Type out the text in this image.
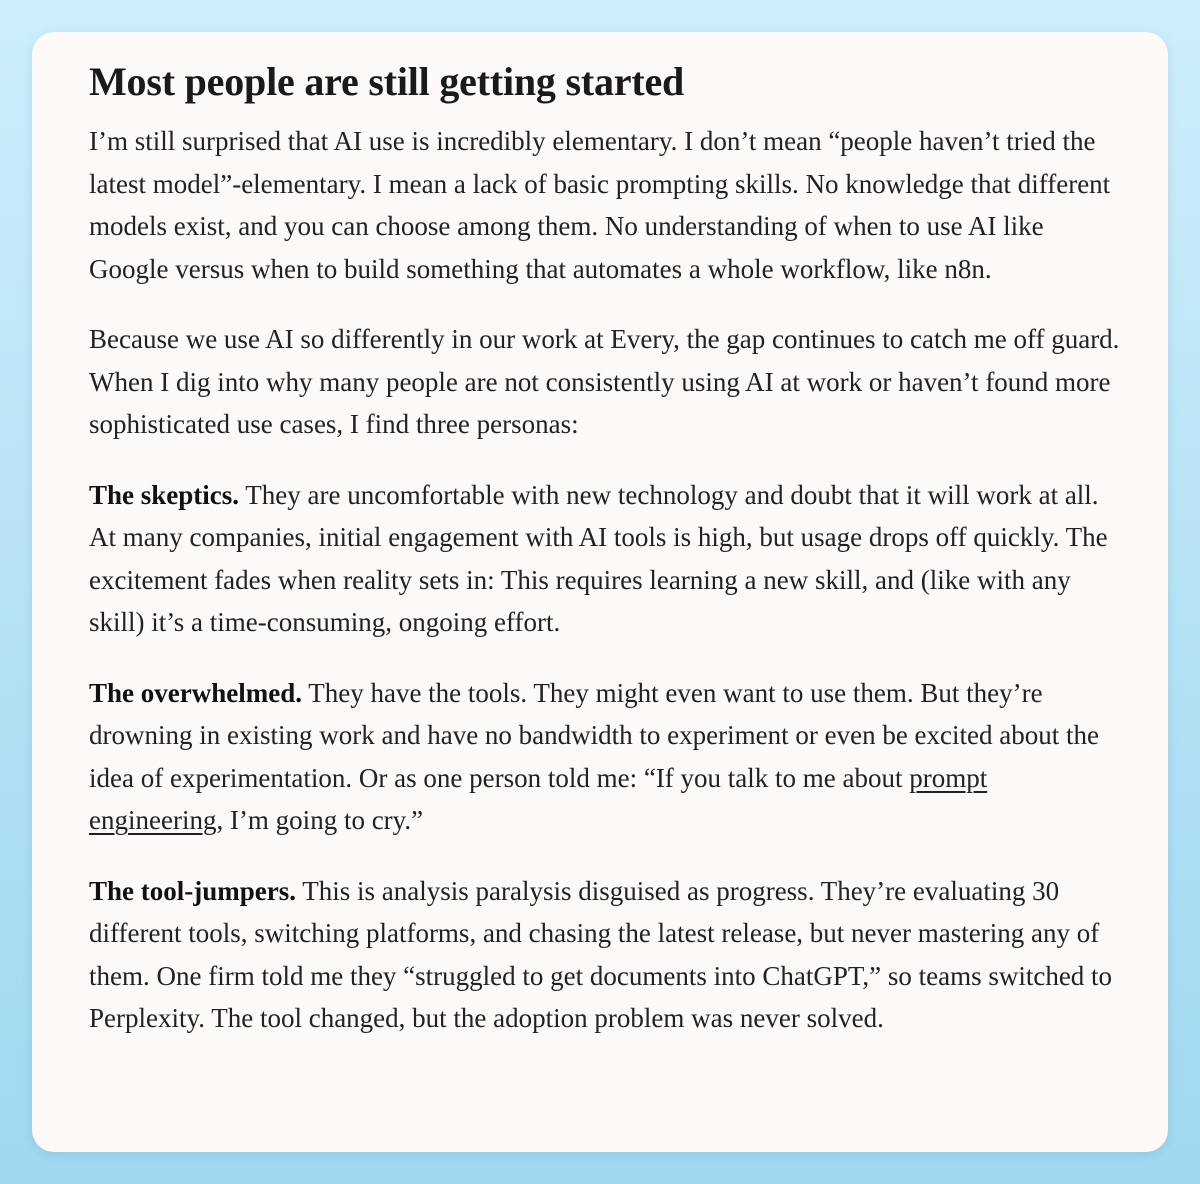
Most people are still getting started

I’m still surprised that AI use is incredibly elementary. I don’t mean “people haven’t tried the latest model”-elementary. I mean a lack of basic prompting skills. No knowledge that different models exist, and you can choose among them. No understanding of when to use AI like Google versus when to build something that automates a whole workflow, like n8n.

Because we use AI so differently in our work at Every, the gap continues to catch me off guard. When I dig into why many people are not consistently using AI at work or haven’t found more sophisticated use cases, I find three personas:

The skeptics. They are uncomfortable with new technology and doubt that it will work at all. At many companies, initial engagement with AI tools is high, but usage drops off quickly. The excitement fades when reality sets in: This requires learning a new skill, and (like with any skill) it’s a time-consuming, ongoing effort.

The overwhelmed. They have the tools. They might even want to use them. But they’re drowning in existing work and have no bandwidth to experiment or even be excited about the idea of experimentation. Or as one person told me: “If you talk to me about prompt engineering, I’m going to cry.”

The tool-jumpers. This is analysis paralysis disguised as progress. They’re evaluating 30 different tools, switching platforms, and chasing the latest release, but never mastering any of them. One firm told me they “struggled to get documents into ChatGPT,” so teams switched to Perplexity. The tool changed, but the adoption problem was never solved.
